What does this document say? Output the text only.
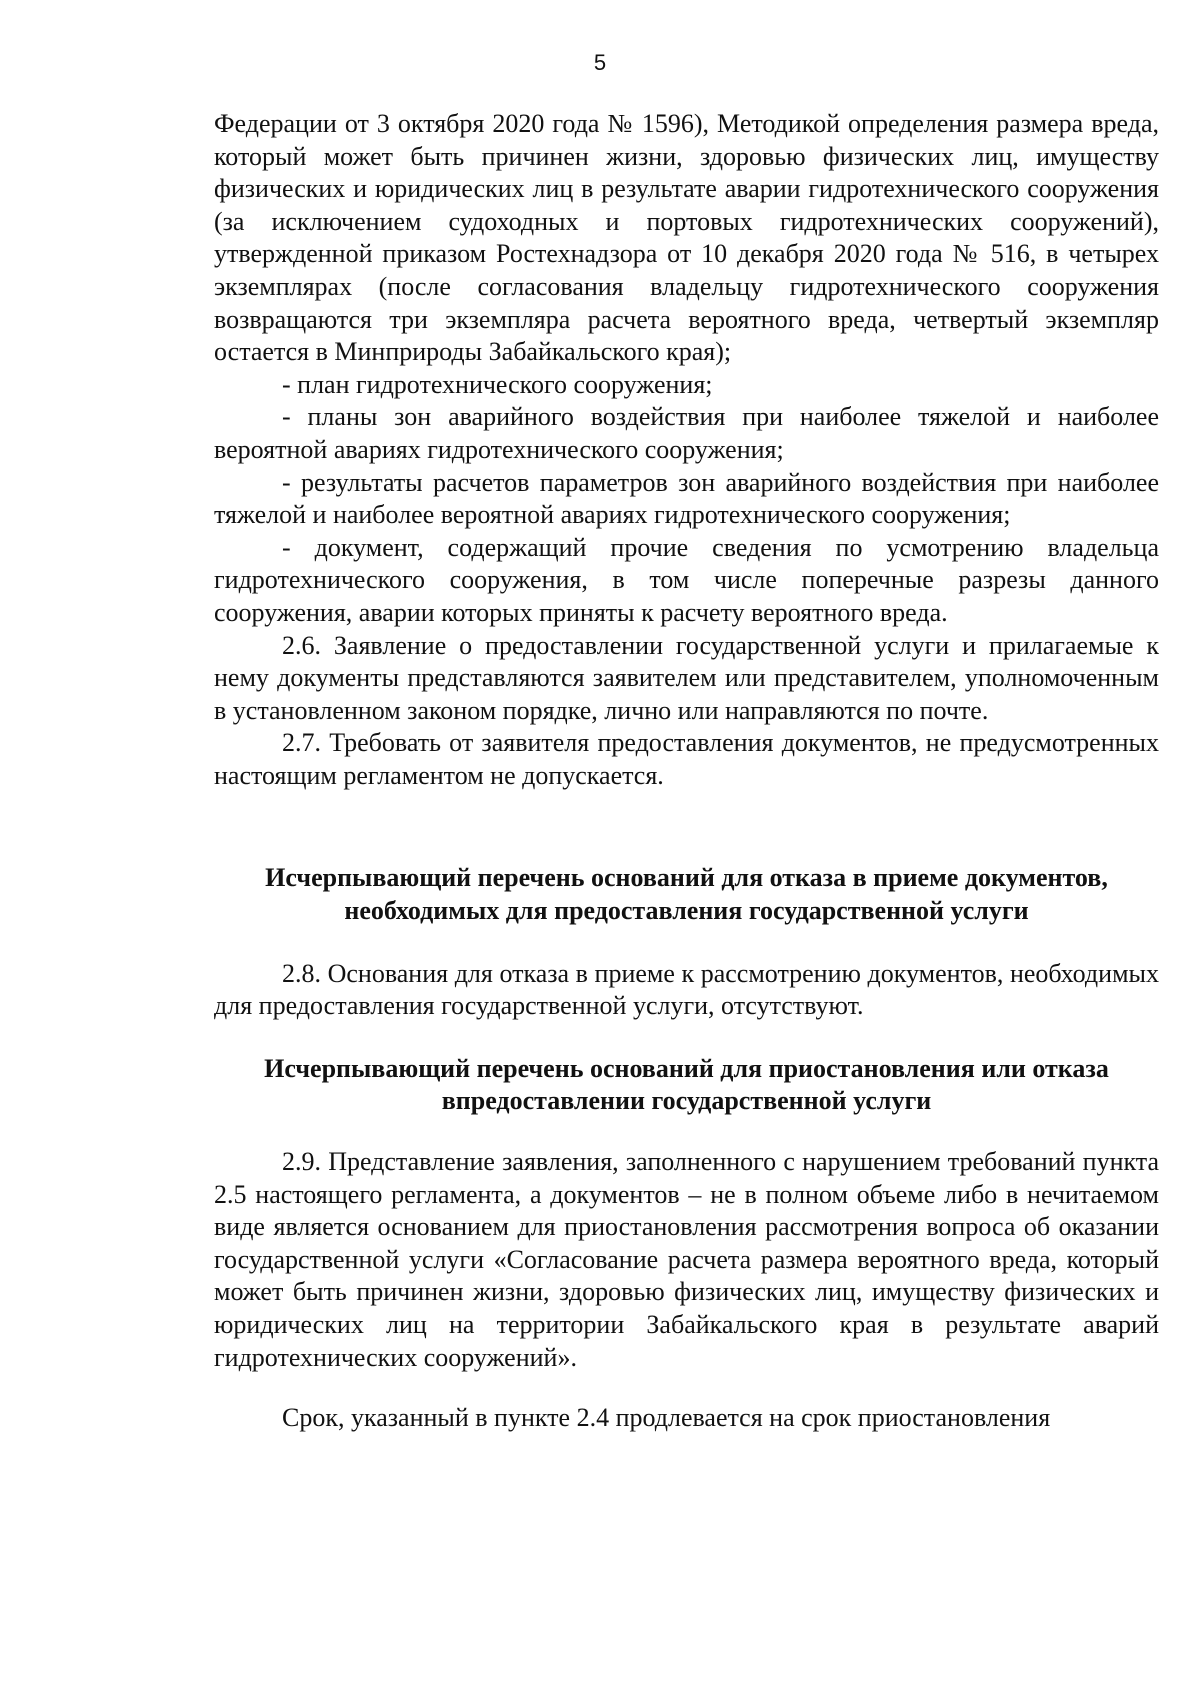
5

Федерации от 3 октября 2020 года № 1596), Методикой определения размера вреда, который может быть причинен жизни, здоровью физических лиц, имуществу физических и юридических лиц в результате аварии гидротехнического сооружения (за исключением судоходных и портовых гидротехнических сооружений), утвержденной приказом Ростехнадзора от 10 декабря 2020 года № 516, в четырех экземплярах (после согласования владельцу гидротехнического сооружения возвращаются три экземпляра расчета вероятного вреда, четвертый экземпляр остается в Минприроды Забайкальского края);

- план гидротехнического сооружения;

- планы зон аварийного воздействия при наиболее тяжелой и наиболее вероятной авариях гидротехнического сооружения;

- результаты расчетов параметров зон аварийного воздействия при наиболее тяжелой и наиболее вероятной авариях гидротехнического сооружения;

- документ, содержащий прочие сведения по усмотрению владельца гидротехнического сооружения, в том числе поперечные разрезы данного сооружения, аварии которых приняты к расчету вероятного вреда.

2.6. Заявление о предоставлении государственной услуги и прилагаемые к нему документы представляются заявителем или представителем, уполномоченным в установленном законом порядке, лично или направляются по почте.

2.7. Требовать от заявителя предоставления документов, не предусмотренных настоящим регламентом не допускается.

Исчерпывающий перечень оснований для отказа в приеме документов, необходимых для предоставления государственной услуги

2.8. Основания для отказа в приеме к рассмотрению документов, необходимых для предоставления государственной услуги, отсутствуют.

Исчерпывающий перечень оснований для приостановления или отказа впредоставлении государственной услуги

2.9. Представление заявления, заполненного с нарушением требований пункта 2.5 настоящего регламента, а документов – не в полном объеме либо в нечитаемом виде является основанием для приостановления рассмотрения вопроса об оказании государственной услуги «Согласование расчета размера вероятного вреда, который может быть причинен жизни, здоровью физических лиц, имуществу физических и юридических лиц на территории Забайкальского края в результате аварий гидротехнических сооружений».

Срок, указанный в пункте 2.4 продлевается на срок приостановления
